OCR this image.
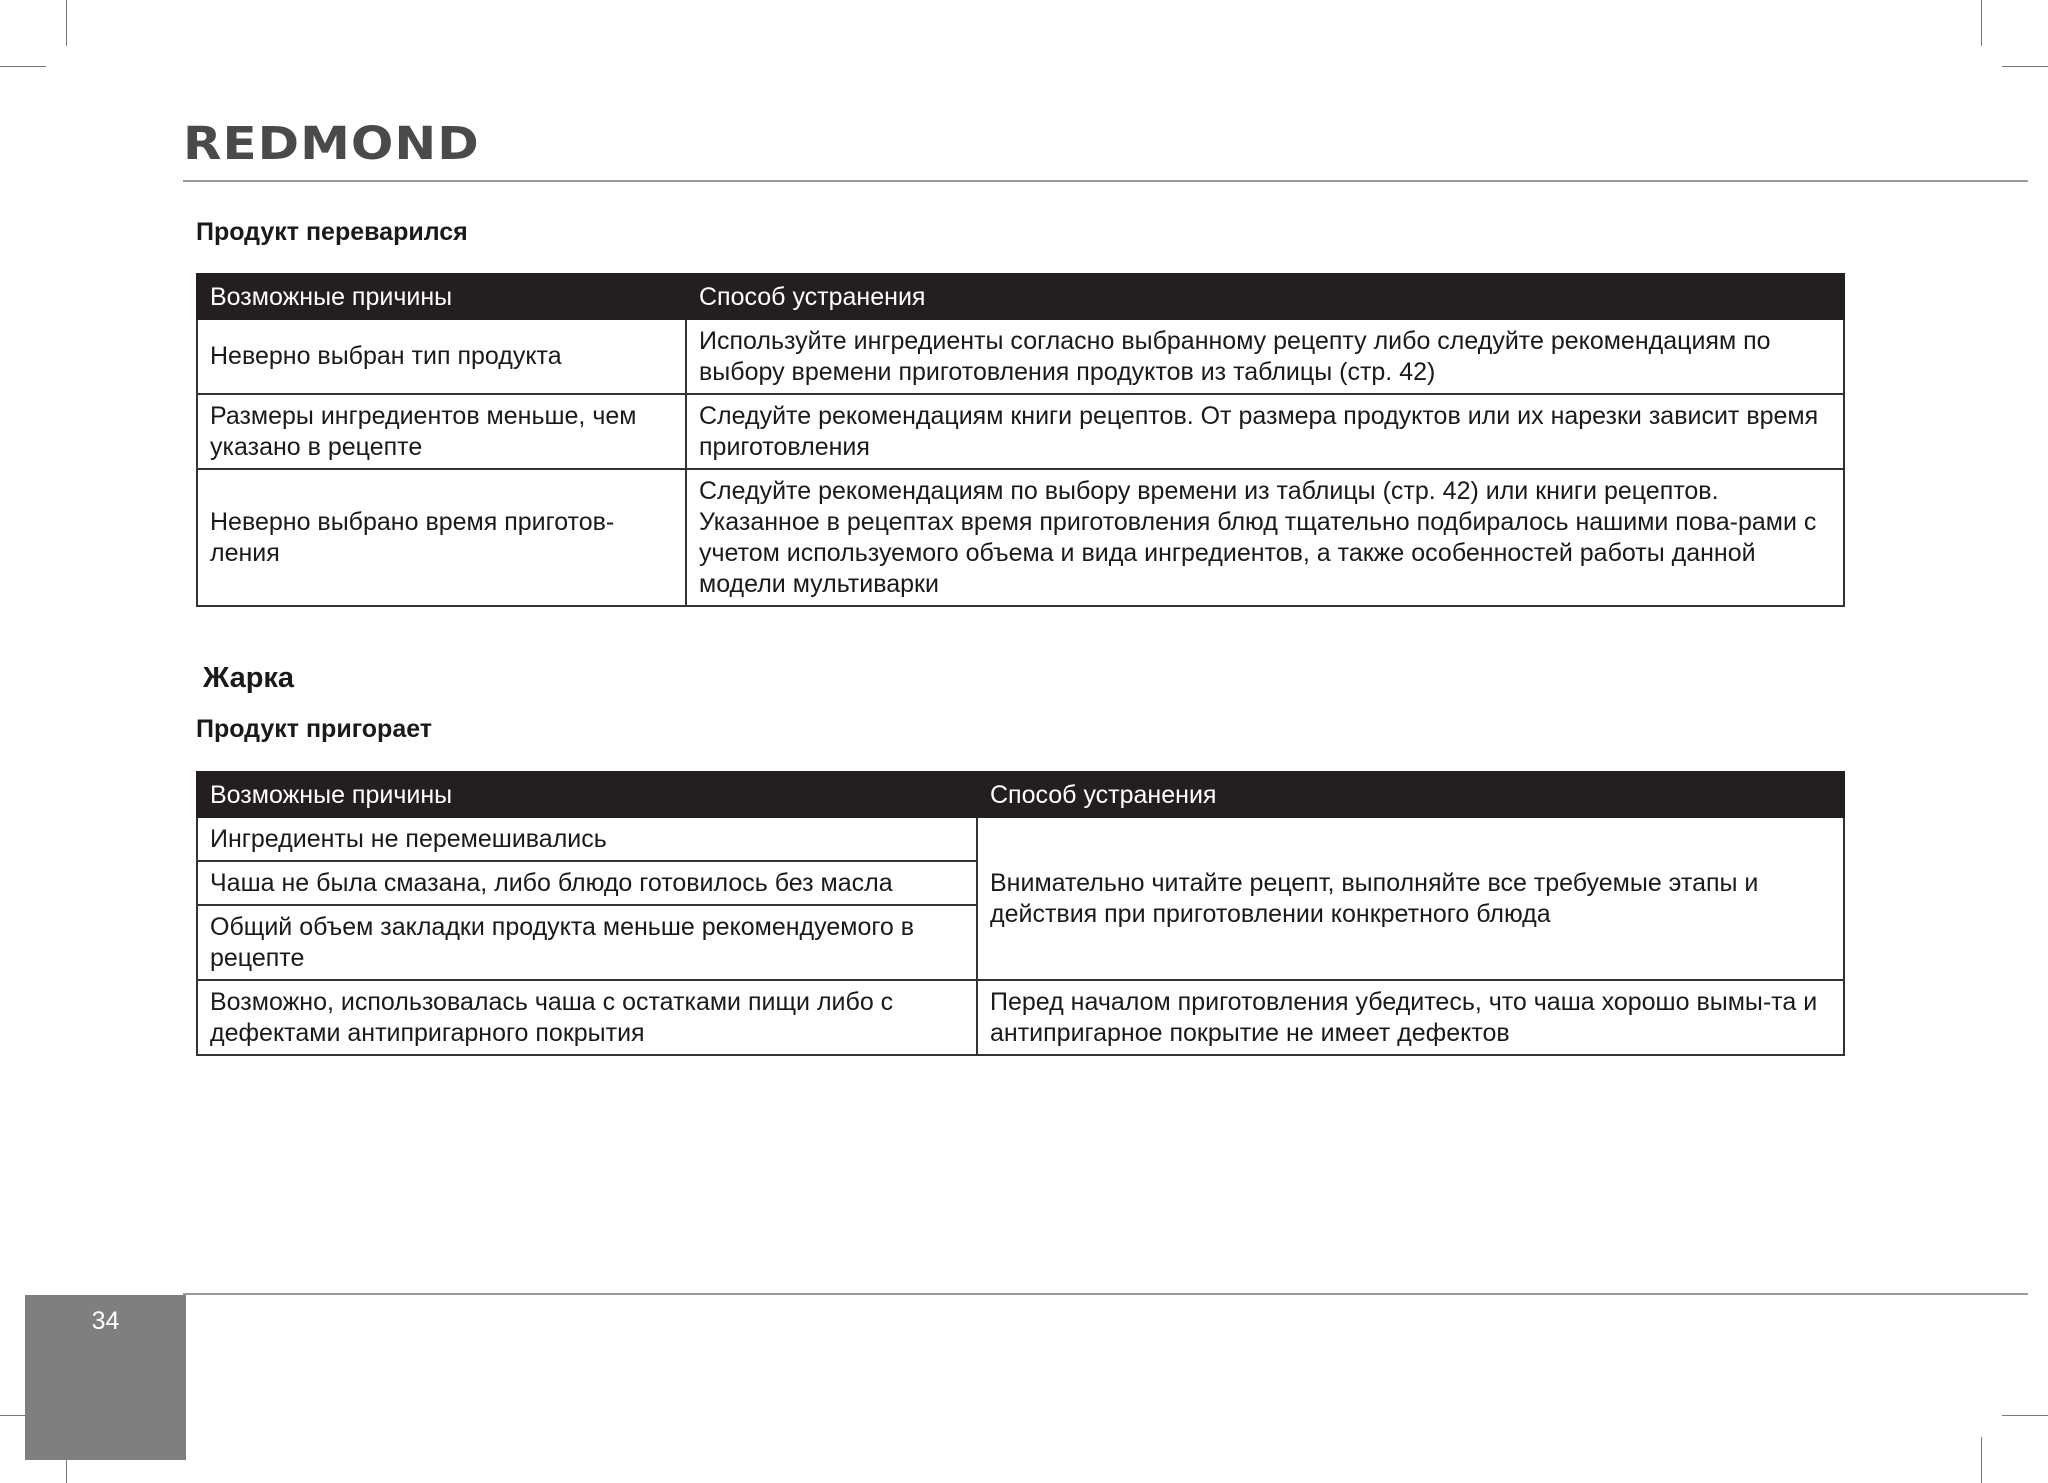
REDMOND
Продукт переварился
Возможные причины	Способ устранения
Неверно выбран тип продукта	Используйте ингредиенты согласно выбранному рецепту либо следуйте рекомендациям по выбору времени приготовления продуктов из таблицы (стр. 42)
Размеры ингредиентов меньше, чем указано в рецепте	Следуйте рекомендациям книги рецептов. От размера продуктов или их нарезки зависит время приготовления
Неверно выбрано время приготов-ления	Следуйте рекомендациям по выбору времени из таблицы (стр. 42) или книги рецептов. Указанное в рецептах время приготовления блюд тщательно подбиралось нашими пова-рами с учетом используемого объема и вида ингредиентов, а также особенностей работы данной модели мультиварки
Жарка
Продукт пригорает
Возможные причины	Способ устранения
Ингредиенты не перемешивались	Внимательно читайте рецепт, выполняйте все требуемые этапы и действия при приготовлении конкретного блюда
Чаша не была смазана, либо блюдо готовилось без масла	
Общий объем закладки продукта меньше рекомендуемого в рецепте	
Возможно, использовалась чаша с остатками пищи либо с дефектами антипригарного покрытия	Перед началом приготовления убедитесь, что чаша хорошо вымы-та и антипригарное покрытие не имеет дефектов
34
